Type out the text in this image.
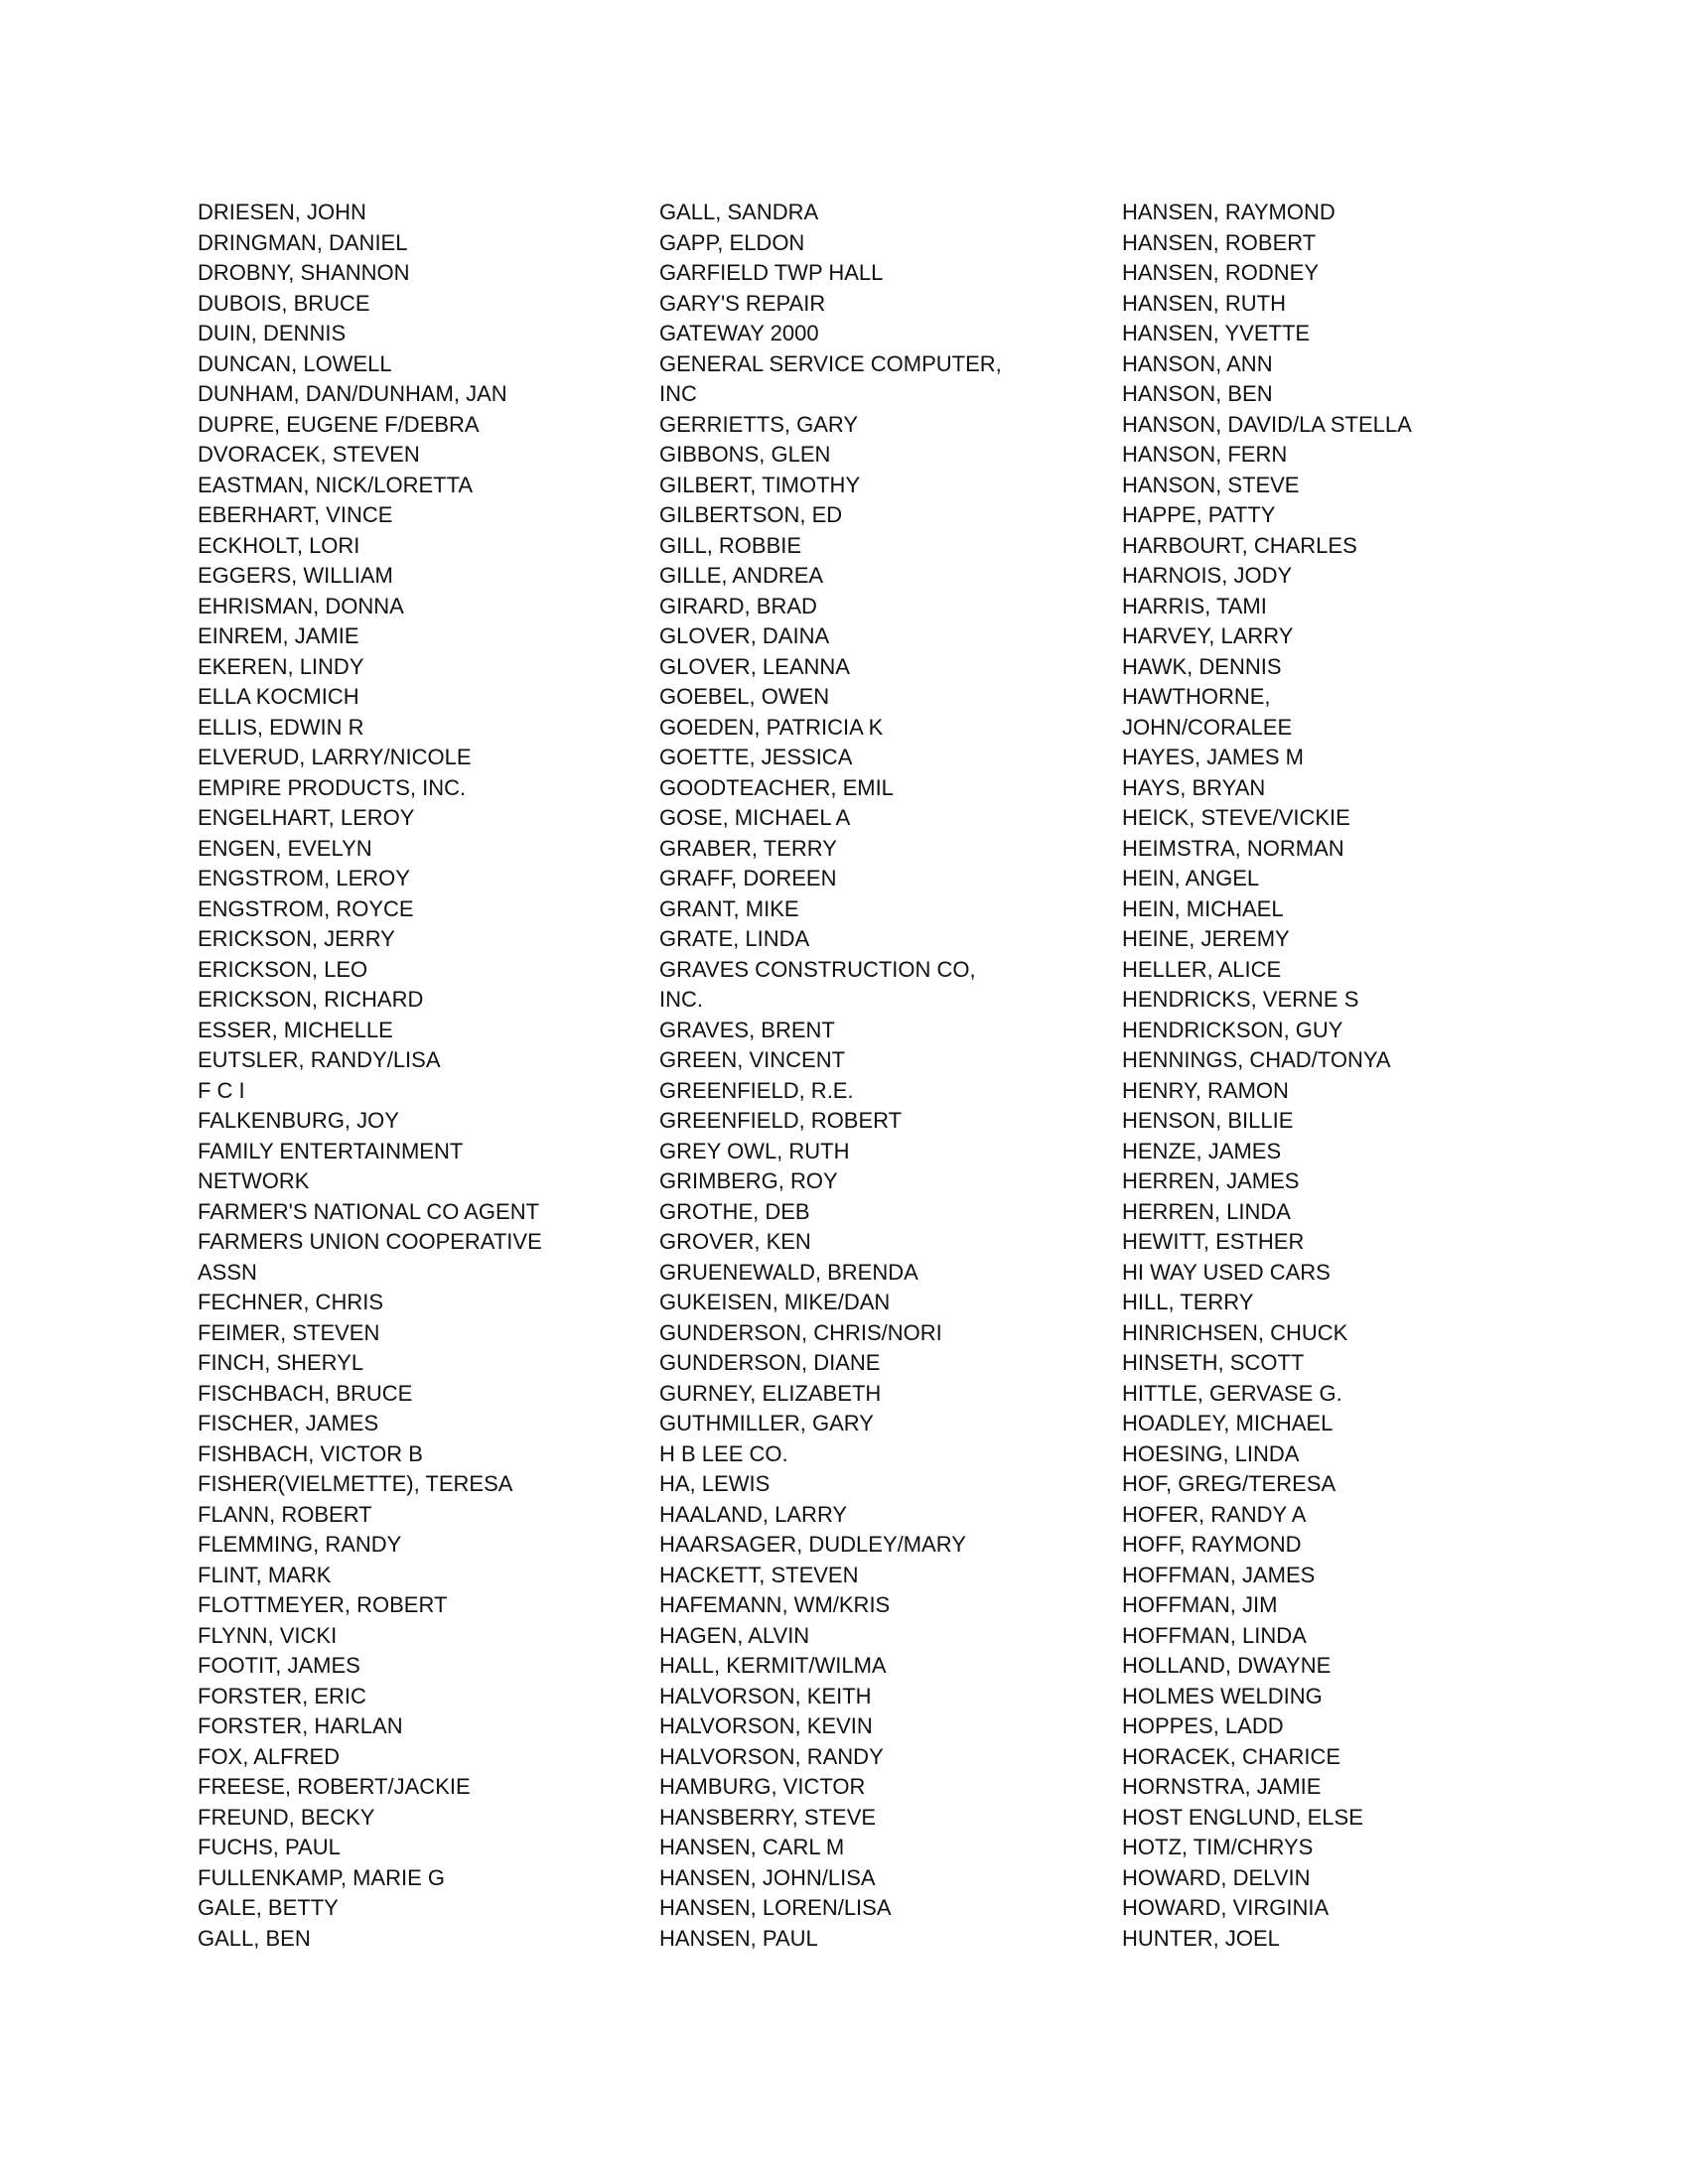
DRIESEN, JOHN
DRINGMAN, DANIEL
DROBNY, SHANNON
DUBOIS, BRUCE
DUIN, DENNIS
DUNCAN, LOWELL
DUNHAM, DAN/DUNHAM, JAN
DUPRE, EUGENE F/DEBRA
DVORACEK, STEVEN
EASTMAN, NICK/LORETTA
EBERHART, VINCE
ECKHOLT, LORI
EGGERS, WILLIAM
EHRISMAN, DONNA
EINREM, JAMIE
EKEREN, LINDY
ELLA KOCMICH
ELLIS, EDWIN R
ELVERUD, LARRY/NICOLE
EMPIRE PRODUCTS, INC.
ENGELHART, LEROY
ENGEN, EVELYN
ENGSTROM, LEROY
ENGSTROM, ROYCE
ERICKSON, JERRY
ERICKSON, LEO
ERICKSON, RICHARD
ESSER, MICHELLE
EUTSLER, RANDY/LISA
F C I
FALKENBURG, JOY
FAMILY ENTERTAINMENT
NETWORK
FARMER'S NATIONAL CO AGENT
FARMERS UNION COOPERATIVE
ASSN
FECHNER, CHRIS
FEIMER, STEVEN
FINCH, SHERYL
FISCHBACH, BRUCE
FISCHER, JAMES
FISHBACH, VICTOR B
FISHER(VIELMETTE), TERESA
FLANN, ROBERT
FLEMMING, RANDY
FLINT, MARK
FLOTTMEYER, ROBERT
FLYNN, VICKI
FOOTIT, JAMES
FORSTER, ERIC
FORSTER, HARLAN
FOX, ALFRED
FREESE, ROBERT/JACKIE
FREUND, BECKY
FUCHS, PAUL
FULLENKAMP, MARIE G
GALE, BETTY
GALL, BEN
GALL, SANDRA
GAPP, ELDON
GARFIELD TWP HALL
GARY'S REPAIR
GATEWAY 2000
GENERAL SERVICE COMPUTER,
INC
GERRIETTS, GARY
GIBBONS, GLEN
GILBERT, TIMOTHY
GILBERTSON, ED
GILL, ROBBIE
GILLE, ANDREA
GIRARD, BRAD
GLOVER, DAINA
GLOVER, LEANNA
GOEBEL, OWEN
GOEDEN, PATRICIA K
GOETTE, JESSICA
GOODTEACHER, EMIL
GOSE, MICHAEL A
GRABER, TERRY
GRAFF, DOREEN
GRANT, MIKE
GRATE, LINDA
GRAVES CONSTRUCTION CO,
INC.
GRAVES, BRENT
GREEN, VINCENT
GREENFIELD, R.E.
GREENFIELD, ROBERT
GREY OWL, RUTH
GRIMBERG, ROY
GROTHE, DEB
GROVER, KEN
GRUENEWALD, BRENDA
GUKEISEN, MIKE/DAN
GUNDERSON, CHRIS/NORI
GUNDERSON, DIANE
GURNEY, ELIZABETH
GUTHMILLER, GARY
H B LEE CO.
HA, LEWIS
HAALAND, LARRY
HAARSAGER, DUDLEY/MARY
HACKETT, STEVEN
HAFEMANN, WM/KRIS
HAGEN, ALVIN
HALL, KERMIT/WILMA
HALVORSON, KEITH
HALVORSON, KEVIN
HALVORSON, RANDY
HAMBURG, VICTOR
HANSBERRY, STEVE
HANSEN, CARL M
HANSEN, JOHN/LISA
HANSEN, LOREN/LISA
HANSEN, PAUL
HANSEN, RAYMOND
HANSEN, ROBERT
HANSEN, RODNEY
HANSEN, RUTH
HANSEN, YVETTE
HANSON, ANN
HANSON, BEN
HANSON, DAVID/LA STELLA
HANSON, FERN
HANSON, STEVE
HAPPE, PATTY
HARBOURT, CHARLES
HARNOIS, JODY
HARRIS, TAMI
HARVEY, LARRY
HAWK, DENNIS
HAWTHORNE,
JOHN/CORALEE
HAYES, JAMES M
HAYS, BRYAN
HEICK, STEVE/VICKIE
HEIMSTRA, NORMAN
HEIN, ANGEL
HEIN, MICHAEL
HEINE, JEREMY
HELLER, ALICE
HENDRICKS, VERNE S
HENDRICKSON, GUY
HENNINGS, CHAD/TONYA
HENRY, RAMON
HENSON, BILLIE
HENZE, JAMES
HERREN, JAMES
HERREN, LINDA
HEWITT, ESTHER
HI WAY USED CARS
HILL, TERRY
HINRICHSEN, CHUCK
HINSETH, SCOTT
HITTLE, GERVASE G.
HOADLEY, MICHAEL
HOESING, LINDA
HOF, GREG/TERESA
HOFER, RANDY A
HOFF, RAYMOND
HOFFMAN, JAMES
HOFFMAN, JIM
HOFFMAN, LINDA
HOLLAND, DWAYNE
HOLMES WELDING
HOPPES, LADD
HORACEK, CHARICE
HORNSTRA, JAMIE
HOST ENGLUND, ELSE
HOTZ, TIM/CHRYS
HOWARD, DELVIN
HOWARD, VIRGINIA
HUNTER, JOEL
